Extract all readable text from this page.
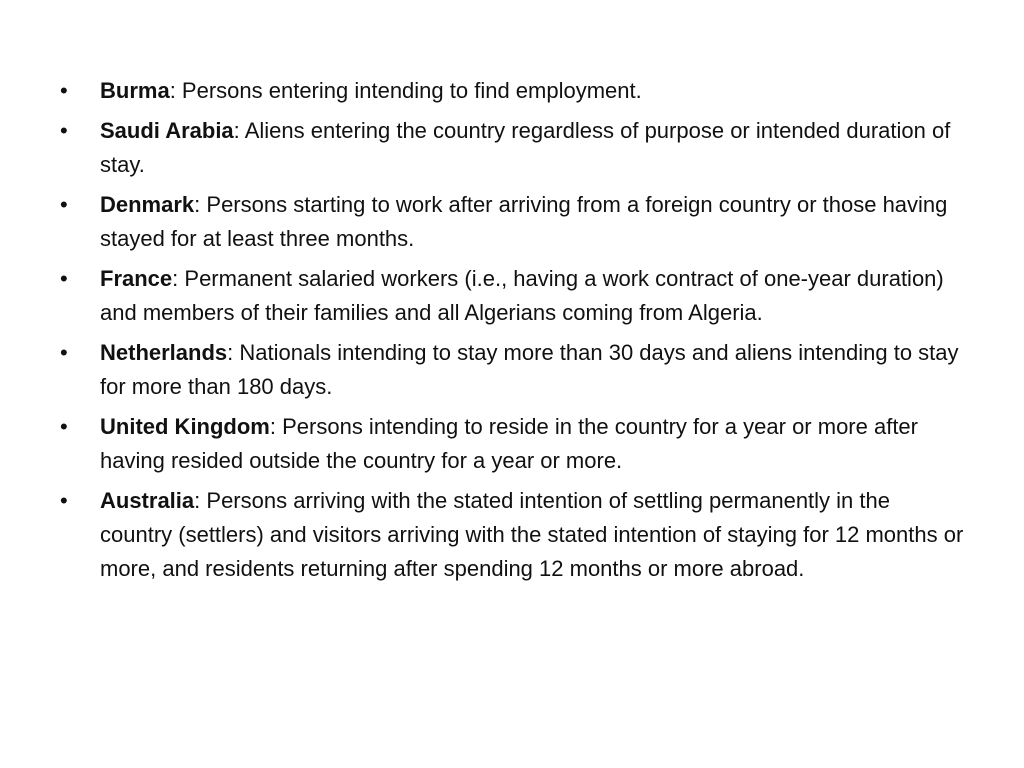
•	Burma: Persons entering intending to find employment.
•	Saudi Arabia: Aliens entering the country regardless of purpose or intended duration of stay.
•	Denmark: Persons starting to work after arriving from a foreign country or those having stayed for at least three months.
•	France: Permanent salaried workers (i.e., having a work contract of one-year duration) and members of their families and all Algerians coming from Algeria.
•	Netherlands: Nationals intending to stay more than 30 days and aliens intending to stay for more than 180 days.
•	United Kingdom: Persons intending to reside in the country for a year or more after having resided outside the country for a year or more.
•	Australia: Persons arriving with the stated intention of settling permanently in the country (settlers) and visitors arriving with the stated intention of staying for 12 months or more, and residents returning after spending 12 months or more abroad.
